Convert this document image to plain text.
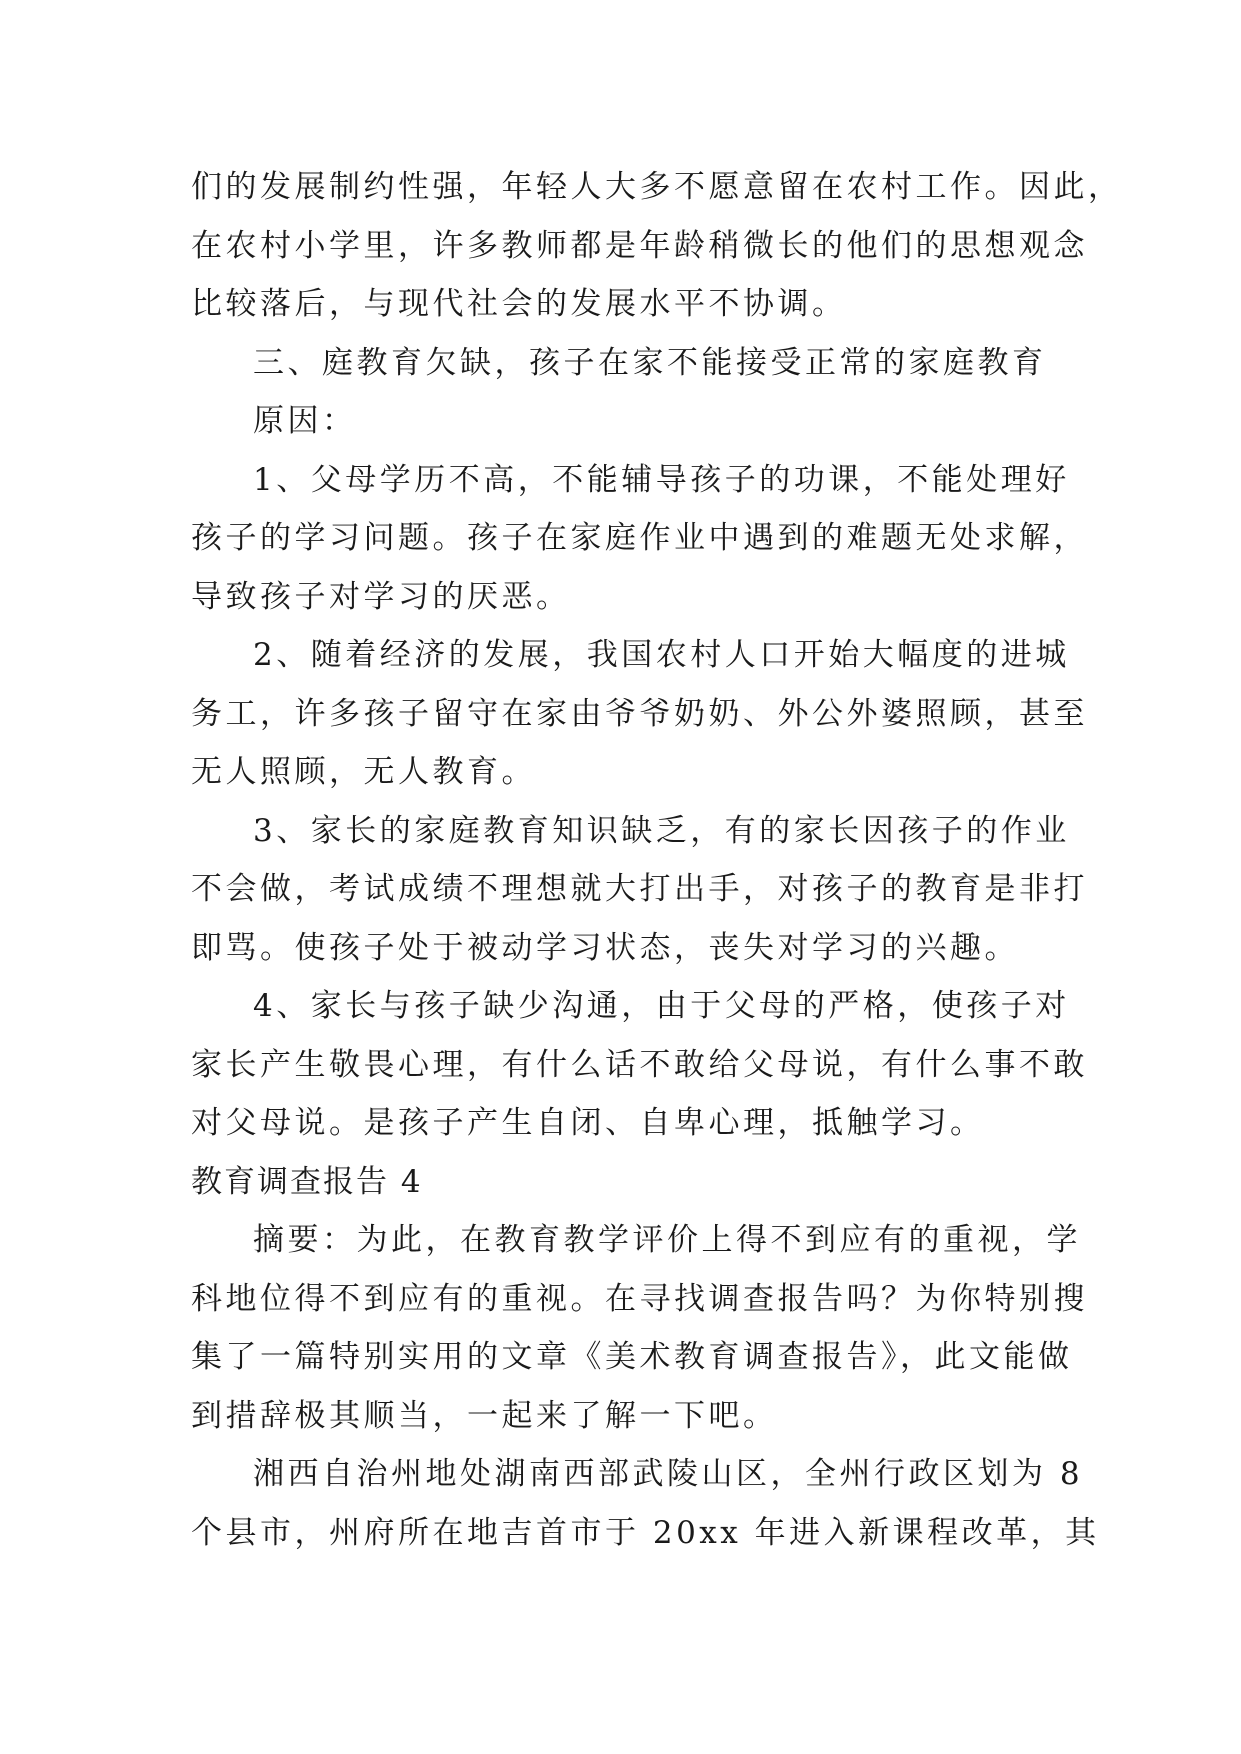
们的发展制约性强，年轻人大多不愿意留在农村工作。因此，
在农村小学里，许多教师都是年龄稍微长的他们的思想观念
比较落后，与现代社会的发展水平不协调。
三、庭教育欠缺，孩子在家不能接受正常的家庭教育
原因：
1、父母学历不高，不能辅导孩子的功课，不能处理好
孩子的学习问题。孩子在家庭作业中遇到的难题无处求解，
导致孩子对学习的厌恶。
2、随着经济的发展，我国农村人口开始大幅度的进城
务工，许多孩子留守在家由爷爷奶奶、外公外婆照顾，甚至
无人照顾，无人教育。
3、家长的家庭教育知识缺乏，有的家长因孩子的作业
不会做，考试成绩不理想就大打出手，对孩子的教育是非打
即骂。使孩子处于被动学习状态，丧失对学习的兴趣。
4、家长与孩子缺少沟通，由于父母的严格，使孩子对
家长产生敬畏心理，有什么话不敢给父母说，有什么事不敢
对父母说。是孩子产生自闭、自卑心理，抵触学习。
教育调查报告 4
摘要：为此，在教育教学评价上得不到应有的重视，学
科地位得不到应有的重视。在寻找调查报告吗？为你特别搜
集了一篇特别实用的文章《美术教育调查报告》，此文能做
到措辞极其顺当，一起来了解一下吧。
湘西自治州地处湖南西部武陵山区，全州行政区划为 8
个县市，州府所在地吉首市于 20xx 年进入新课程改革，其
